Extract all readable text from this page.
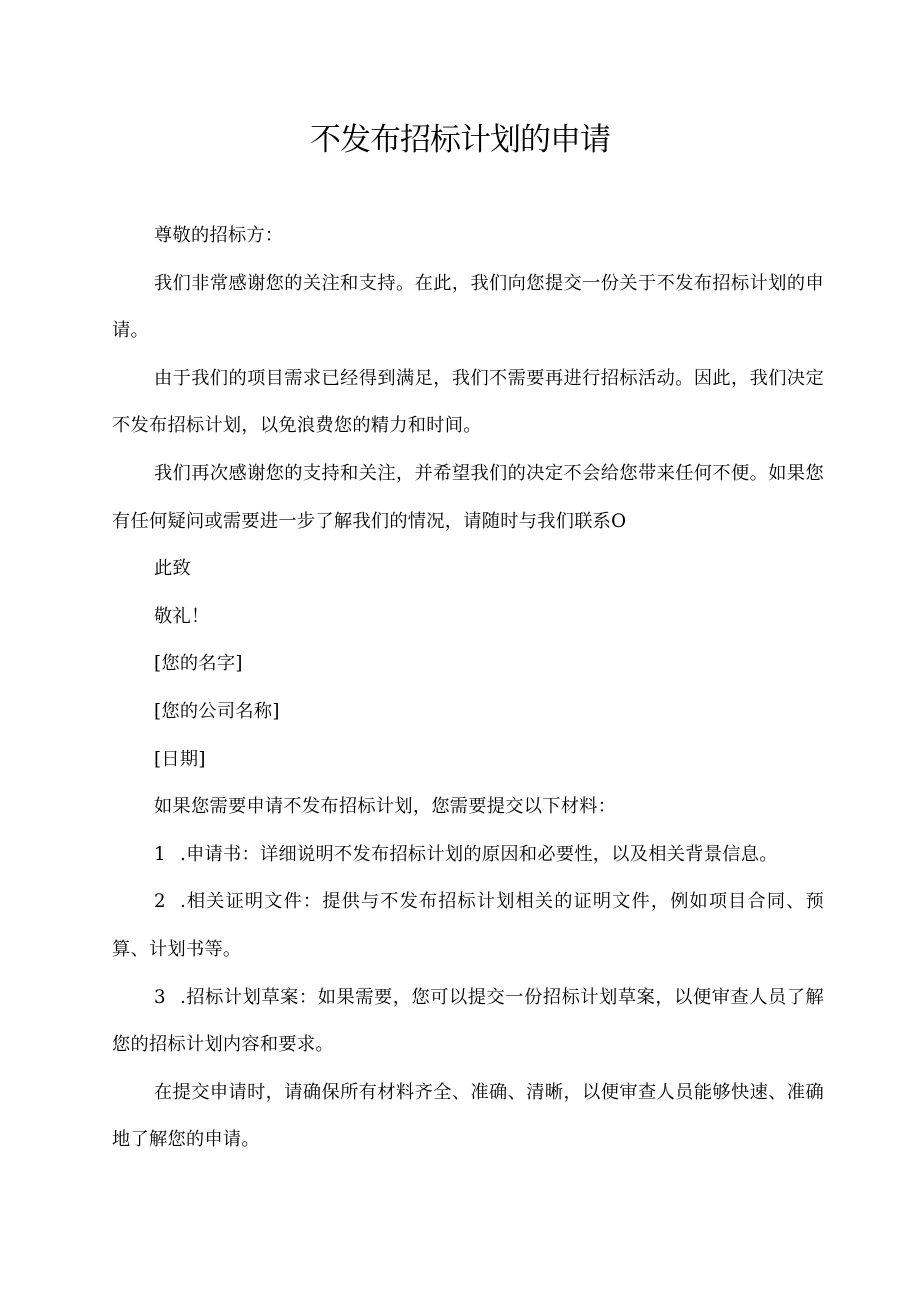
不发布招标计划的申请

尊敬的招标方：

我们非常感谢您的关注和支持。在此，我们向您提交一份关于不发布招标计划的申请。

由于我们的项目需求已经得到满足，我们不需要再进行招标活动。因此，我们决定不发布招标计划，以免浪费您的精力和时间。

我们再次感谢您的支持和关注，并希望我们的决定不会给您带来任何不便。如果您有任何疑问或需要进一步了解我们的情况，请随时与我们联系O

此致

敬礼！

[您的名字]

[您的公司名称]

[日期]

如果您需要申请不发布招标计划，您需要提交以下材料：

1 .申请书：详细说明不发布招标计划的原因和必要性，以及相关背景信息。

2 .相关证明文件：提供与不发布招标计划相关的证明文件，例如项目合同、预算、计划书等。

3 .招标计划草案：如果需要，您可以提交一份招标计划草案，以便审查人员了解您的招标计划内容和要求。

在提交申请时，请确保所有材料齐全、准确、清晰，以便审查人员能够快速、准确地了解您的申请。
